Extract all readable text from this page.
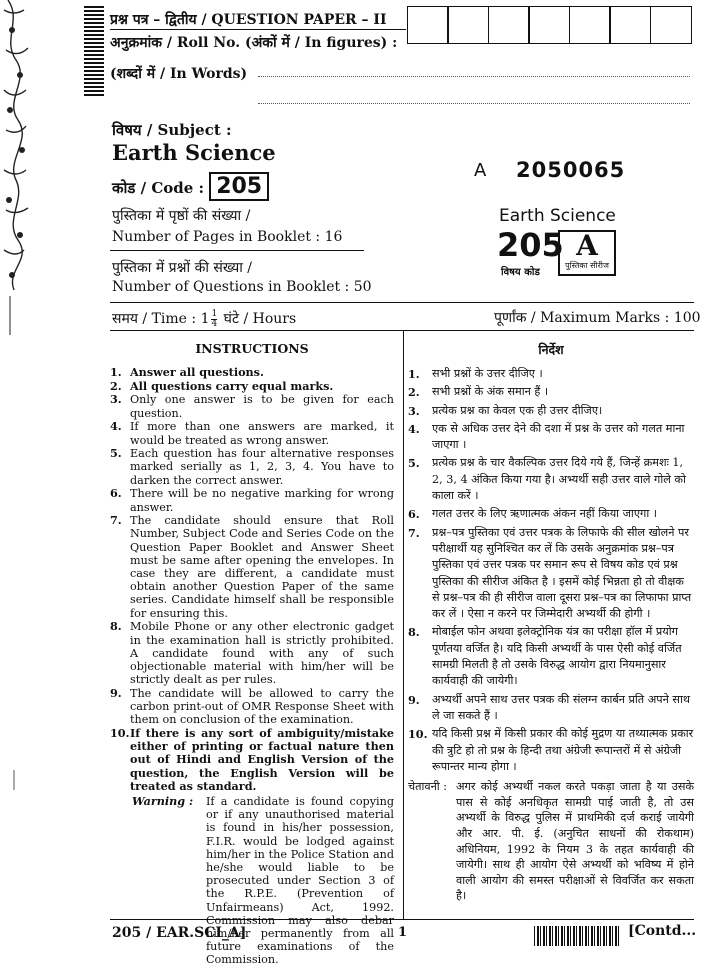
प्रश्न पत्र – द्वितीय / QUESTION PAPER – II
अनुक्रमांक / Roll No. (अंकों में / In figures) :
(शब्दों में / In Words)
विषय / Subject :
Earth Science
कोड / Code : 205
A 2050065
Earth Science
205
विषय कोड
A
पुस्तिका सीरीज
पुस्तिका में पृष्ठों की संख्या /
Number of Pages in Booklet : 16
पुस्तिका में प्रश्नों की संख्या /
Number of Questions in Booklet : 50
समय / Time : $1 \frac{1}{4}$ घंटे / Hours	पूर्णांक / Maximum Marks : 100
INSTRUCTIONS
1. Answer all questions.
2. All questions carry equal marks.
3. Only one answer is to be given for each question.
4. If more than one answers are marked, it would be treated as wrong answer.
5. Each question has four alternative responses marked serially as 1, 2, 3, 4. You have to darken the correct answer.
6. There will be no negative marking for wrong answer.
7. The candidate should ensure that Roll Number, Subject Code and Series Code on the Question Paper Booklet and Answer Sheet must be same after opening the envelopes. In case they are different, a candidate must obtain another Question Paper of the same series. Candidate himself shall be responsible for ensuring this.
8. Mobile Phone or any other electronic gadget in the examination hall is strictly prohibited. A candidate found with any of such objectionable material with him/her will be strictly dealt as per rules.
9. The candidate will be allowed to carry the carbon print-out of OMR Response Sheet with them on conclusion of the examination.
10. If there is any sort of ambiguity/mistake either of printing or factual nature then out of Hindi and English Version of the question, the English Version will be treated as standard.
Warning :	If a candidate is found copying or if any unauthorised material is found in his/her possession, F.I.R. would be lodged against him/her in the Police Station and he/she would liable to be prosecuted under Section 3 of the R.P.E. (Prevention of Unfairmeans) Act, 1992. Commission may also debar him/her permanently from all future examinations of the Commission.
निर्देश
1. सभी प्रश्नों के उत्तर दीजिए ।
2. सभी प्रश्नों के अंक समान हैं ।
3. प्रत्येक प्रश्न का केवल एक ही उत्तर दीजिए।
4. एक से अधिक उत्तर देने की दशा में प्रश्न के उत्तर को गलत माना जाएगा ।
5. प्रत्येक प्रश्न के चार वैकल्पिक उत्तर दिये गये हैं, जिन्हें क्रमशः 1, 2, 3, 4 अंकित किया गया है। अभ्यर्थी सही उत्तर वाले गोले को काला करें ।
6. गलत उत्तर के लिए ऋणात्मक अंकन नहीं किया जाएगा ।
7. प्रश्न–पत्र पुस्तिका एवं उत्तर पत्रक के लिफाफे की सील खोलने पर परीक्षार्थी यह सुनिश्चित कर लें कि उसके अनुक्रमांक प्रश्न–पत्र पुस्तिका एवं उत्तर पत्रक पर समान रूप से विषय कोड एवं प्रश्न पुस्तिका की सीरीज अंकित है । इसमें कोई भिन्नता हो तो वीक्षक से प्रश्न–पत्र की ही सीरीज वाला दूसरा प्रश्न–पत्र का लिफाफा प्राप्त कर लें । ऐसा न करने पर जिम्मेदारी अभ्यर्थी की होगी ।
8. मोबाईल फोन अथवा इलेक्ट्रोनिक यंत्र का परीक्षा हॉल में प्रयोग पूर्णतया वर्जित है। यदि किसी अभ्यर्थी के पास ऐसी कोई वर्जित सामग्री मिलती है तो उसके विरुद्ध आयोग द्वारा नियमानुसार कार्यवाही की जायेगी।
9. अभ्यर्थी अपने साथ उत्तर पत्रक की संलग्न कार्बन प्रति अपने साथ ले जा सकते हैं ।
10. यदि किसी प्रश्न में किसी प्रकार की कोई मुद्रण या तथ्यात्मक प्रकार की त्रुटि हो तो प्रश्न के हिन्दी तथा अंग्रेजी रूपान्तरों में से अंग्रेजी रूपान्तर मान्य होगा ।
चेतावनी : अगर कोई अभ्यर्थी नकल करते पकड़ा जाता है या उसके पास से कोई अनधिकृत सामग्री पाई जाती है, तो उस अभ्यर्थी के विरुद्ध पुलिस में प्राथमिकी दर्ज कराई जायेगी और आर. पी. ई. (अनुचित साधनों की रोकथाम) अधिनियम, 1992 के नियम 3 के तहत कार्यवाही की जायेगी। साथ ही आयोग ऐसे अभ्यर्थी को भविष्य में होने वाली आयोग की समस्त परीक्षाओं से विवर्जित कर सकता है।
205 / EAR.SCI_A]	1	[Contd...
